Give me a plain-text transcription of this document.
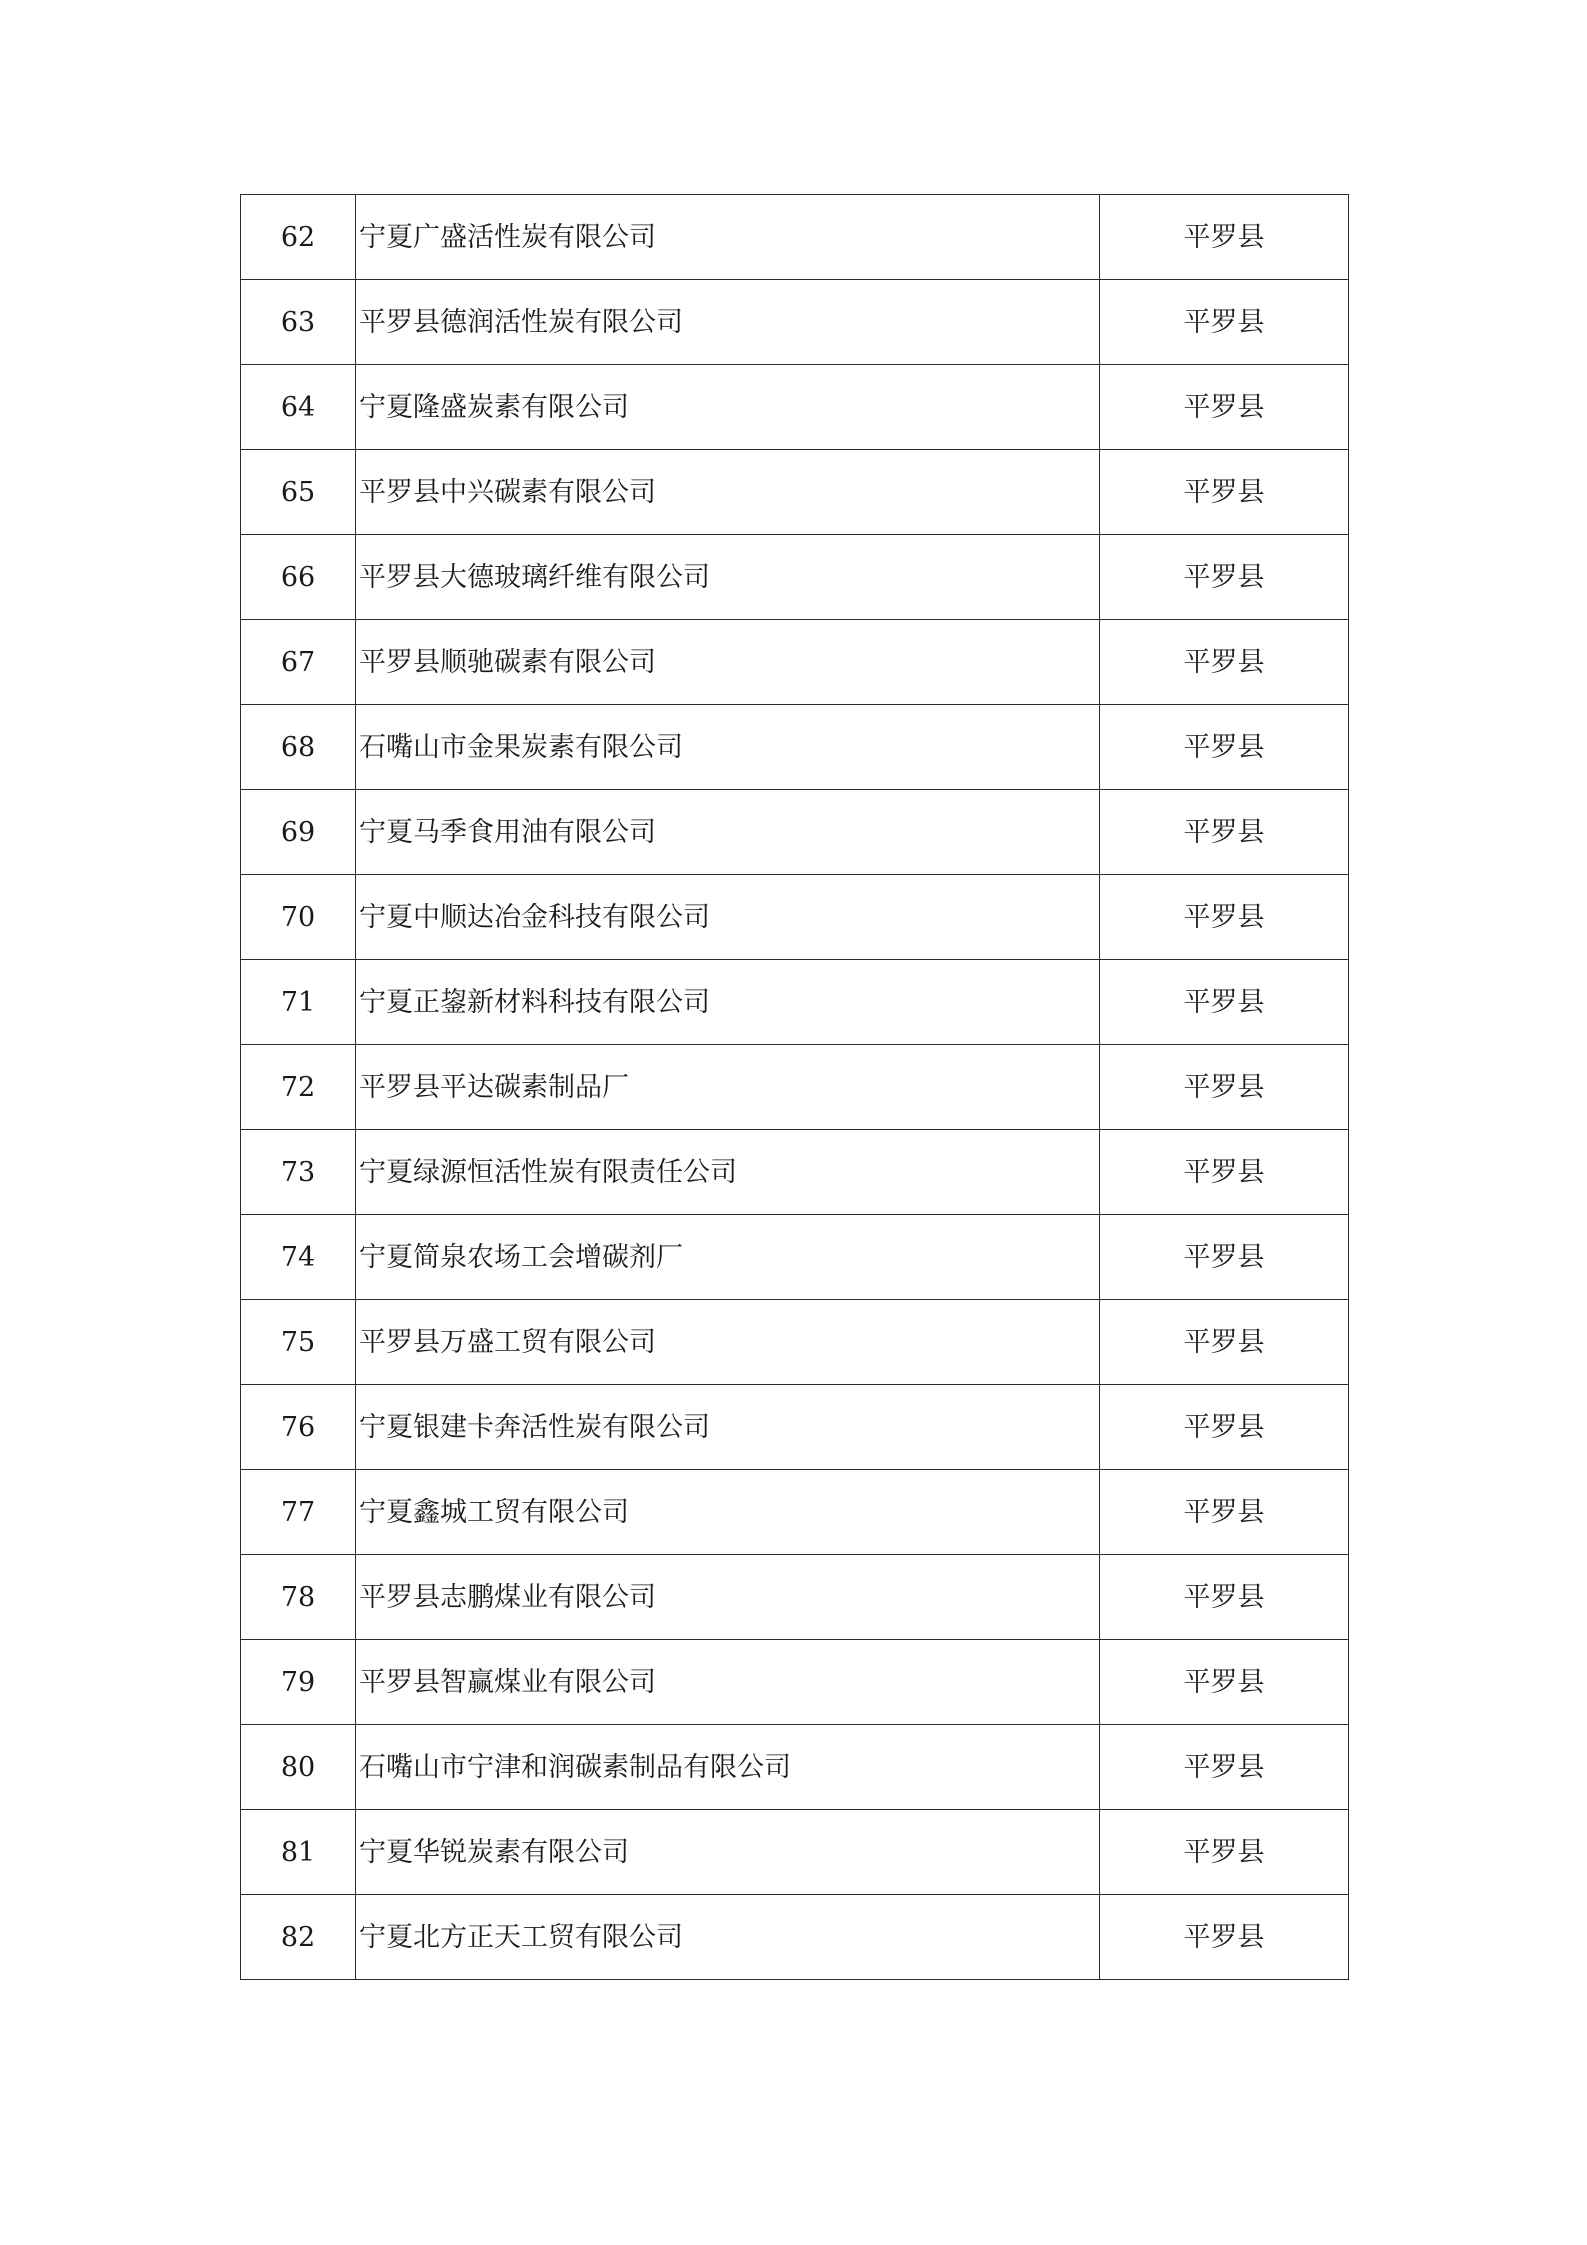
62	宁夏广盛活性炭有限公司	平罗县
63	平罗县德润活性炭有限公司	平罗县
64	宁夏隆盛炭素有限公司	平罗县
65	平罗县中兴碳素有限公司	平罗县
66	平罗县大德玻璃纤维有限公司	平罗县
67	平罗县顺驰碳素有限公司	平罗县
68	石嘴山市金果炭素有限公司	平罗县
69	宁夏马季食用油有限公司	平罗县
70	宁夏中顺达冶金科技有限公司	平罗县
71	宁夏正鋆新材料科技有限公司	平罗县
72	平罗县平达碳素制品厂	平罗县
73	宁夏绿源恒活性炭有限责任公司	平罗县
74	宁夏简泉农场工会增碳剂厂	平罗县
75	平罗县万盛工贸有限公司	平罗县
76	宁夏银建卡奔活性炭有限公司	平罗县
77	宁夏鑫城工贸有限公司	平罗县
78	平罗县志鹏煤业有限公司	平罗县
79	平罗县智赢煤业有限公司	平罗县
80	石嘴山市宁津和润碳素制品有限公司	平罗县
81	宁夏华锐炭素有限公司	平罗县
82	宁夏北方正天工贸有限公司	平罗县
